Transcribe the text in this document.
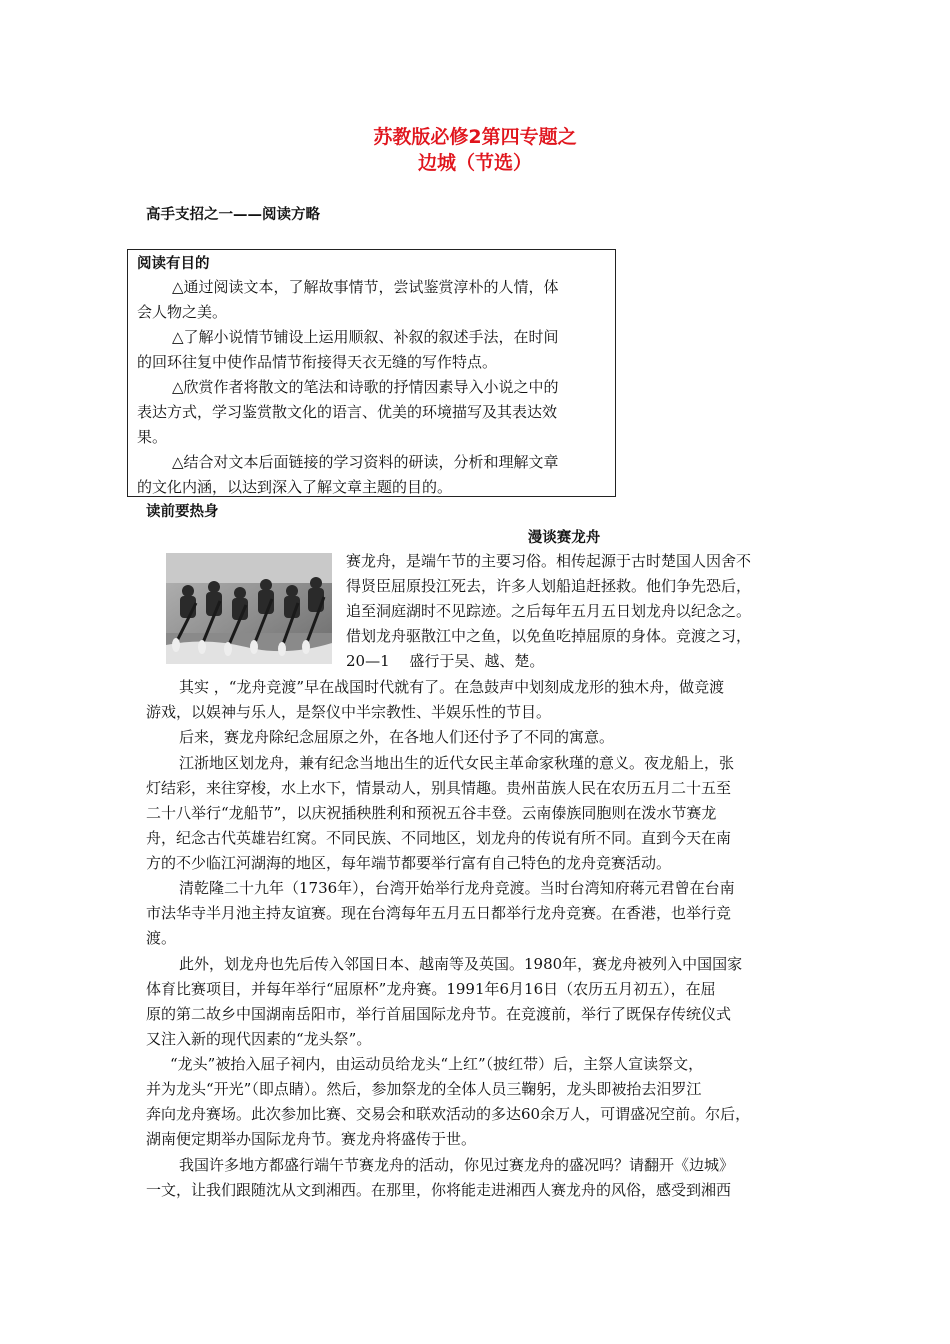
苏教版必修2第四专题之
边城（节选）
高手支招之一——阅读方略
阅读有目的
△通过阅读文本，了解故事情节，尝试鉴赏淳朴的人情，体
会人物之美。
△了解小说情节铺设上运用顺叙、补叙的叙述手法，在时间
的回环往复中使作品情节衔接得天衣无缝的写作特点。
△欣赏作者将散文的笔法和诗歌的抒情因素导入小说之中的
表达方式，学习鉴赏散文化的语言、优美的环境描写及其表达效
果。
△结合对文本后面链接的学习资料的研读，分析和理解文章
的文化内涵，以达到深入了解文章主题的目的。
读前要热身
漫谈赛龙舟
赛龙舟，是端午节的主要习俗。相传起源于古时楚国人因舍不
得贤臣屈原投江死去，许多人划船追赶拯救。他们争先恐后，
追至洞庭湖时不见踪迹。之后每年五月五日划龙舟以纪念之。
借划龙舟驱散江中之鱼，以免鱼吃掉屈原的身体。竞渡之习，
20—1　 盛行于吴、越、楚。
其实 ，“龙舟竞渡”早在战国时代就有了。在急鼓声中划刻成龙形的独木舟，做竞渡
游戏，以娱神与乐人，是祭仪中半宗教性、半娱乐性的节目。
后来，赛龙舟除纪念屈原之外，在各地人们还付予了不同的寓意。
江浙地区划龙舟，兼有纪念当地出生的近代女民主革命家秋瑾的意义。夜龙船上，张
灯结彩，来往穿梭，水上水下，情景动人，别具情趣。贵州苗族人民在农历五月二十五至
二十八举行“龙船节”，以庆祝插秧胜利和预祝五谷丰登。云南傣族同胞则在泼水节赛龙
舟，纪念古代英雄岩红窝。不同民族、不同地区，划龙舟的传说有所不同。直到今天在南
方的不少临江河湖海的地区，每年端节都要举行富有自己特色的龙舟竞赛活动。
清乾隆二十九年（1736年），台湾开始举行龙舟竞渡。当时台湾知府蒋元君曾在台南
市法华寺半月池主持友谊赛。现在台湾每年五月五日都举行龙舟竞赛。在香港，也举行竞
渡。
此外，划龙舟也先后传入邻国日本、越南等及英国。1980年，赛龙舟被列入中国国家
体育比赛项目，并每年举行“屈原杯”龙舟赛。1991年6月16日（农历五月初五），在屈
原的第二故乡中国湖南岳阳市，举行首届国际龙舟节。在竞渡前，举行了既保存传统仪式
又注入新的现代因素的“龙头祭”。
“龙头”被抬入屈子祠内，由运动员给龙头“上红”（披红带）后，主祭人宣读祭文，
并为龙头“开光”（即点睛）。然后，参加祭龙的全体人员三鞠躬，龙头即被抬去汨罗江
奔向龙舟赛场。此次参加比赛、交易会和联欢活动的多达60余万人，可谓盛况空前。尔后，
湖南便定期举办国际龙舟节。赛龙舟将盛传于世。
我国许多地方都盛行端午节赛龙舟的活动，你见过赛龙舟的盛况吗？请翻开《边城》
一文，让我们跟随沈从文到湘西。在那里，你将能走进湘西人赛龙舟的风俗，感受到湘西
